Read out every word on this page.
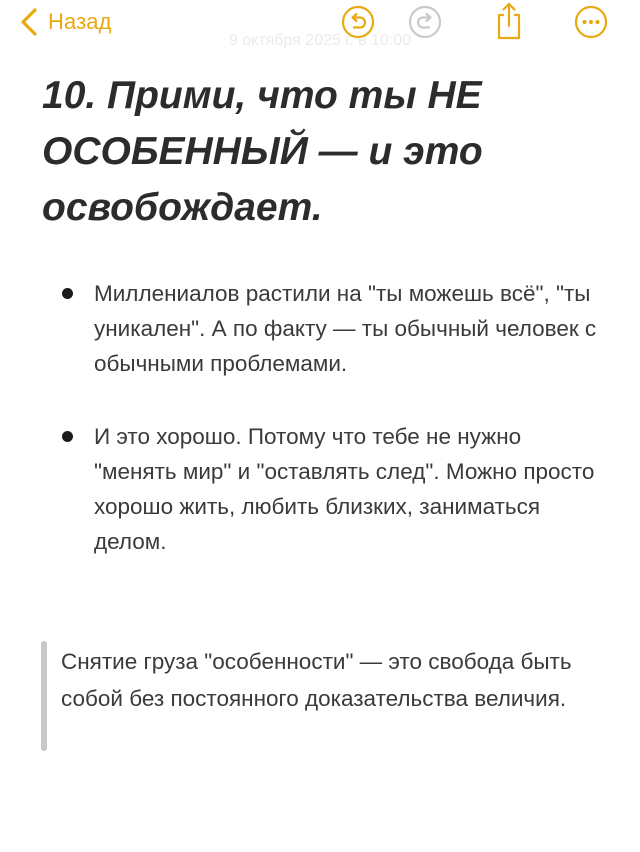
Назад
9 октября 2025 г. в 10:00
10. Прими, что ты НЕ ОСОБЕННЫЙ — и это освобождает.
Миллениалов растили на "ты можешь всё", "ты уникален". А по факту — ты обычный человек с обычными проблемами.
И это хорошо. Потому что тебе не нужно "менять мир" и "оставлять след". Можно просто хорошо жить, любить близких, заниматься делом.
Снятие груза "особенности" — это свобода быть собой без постоянного доказательства величия.
